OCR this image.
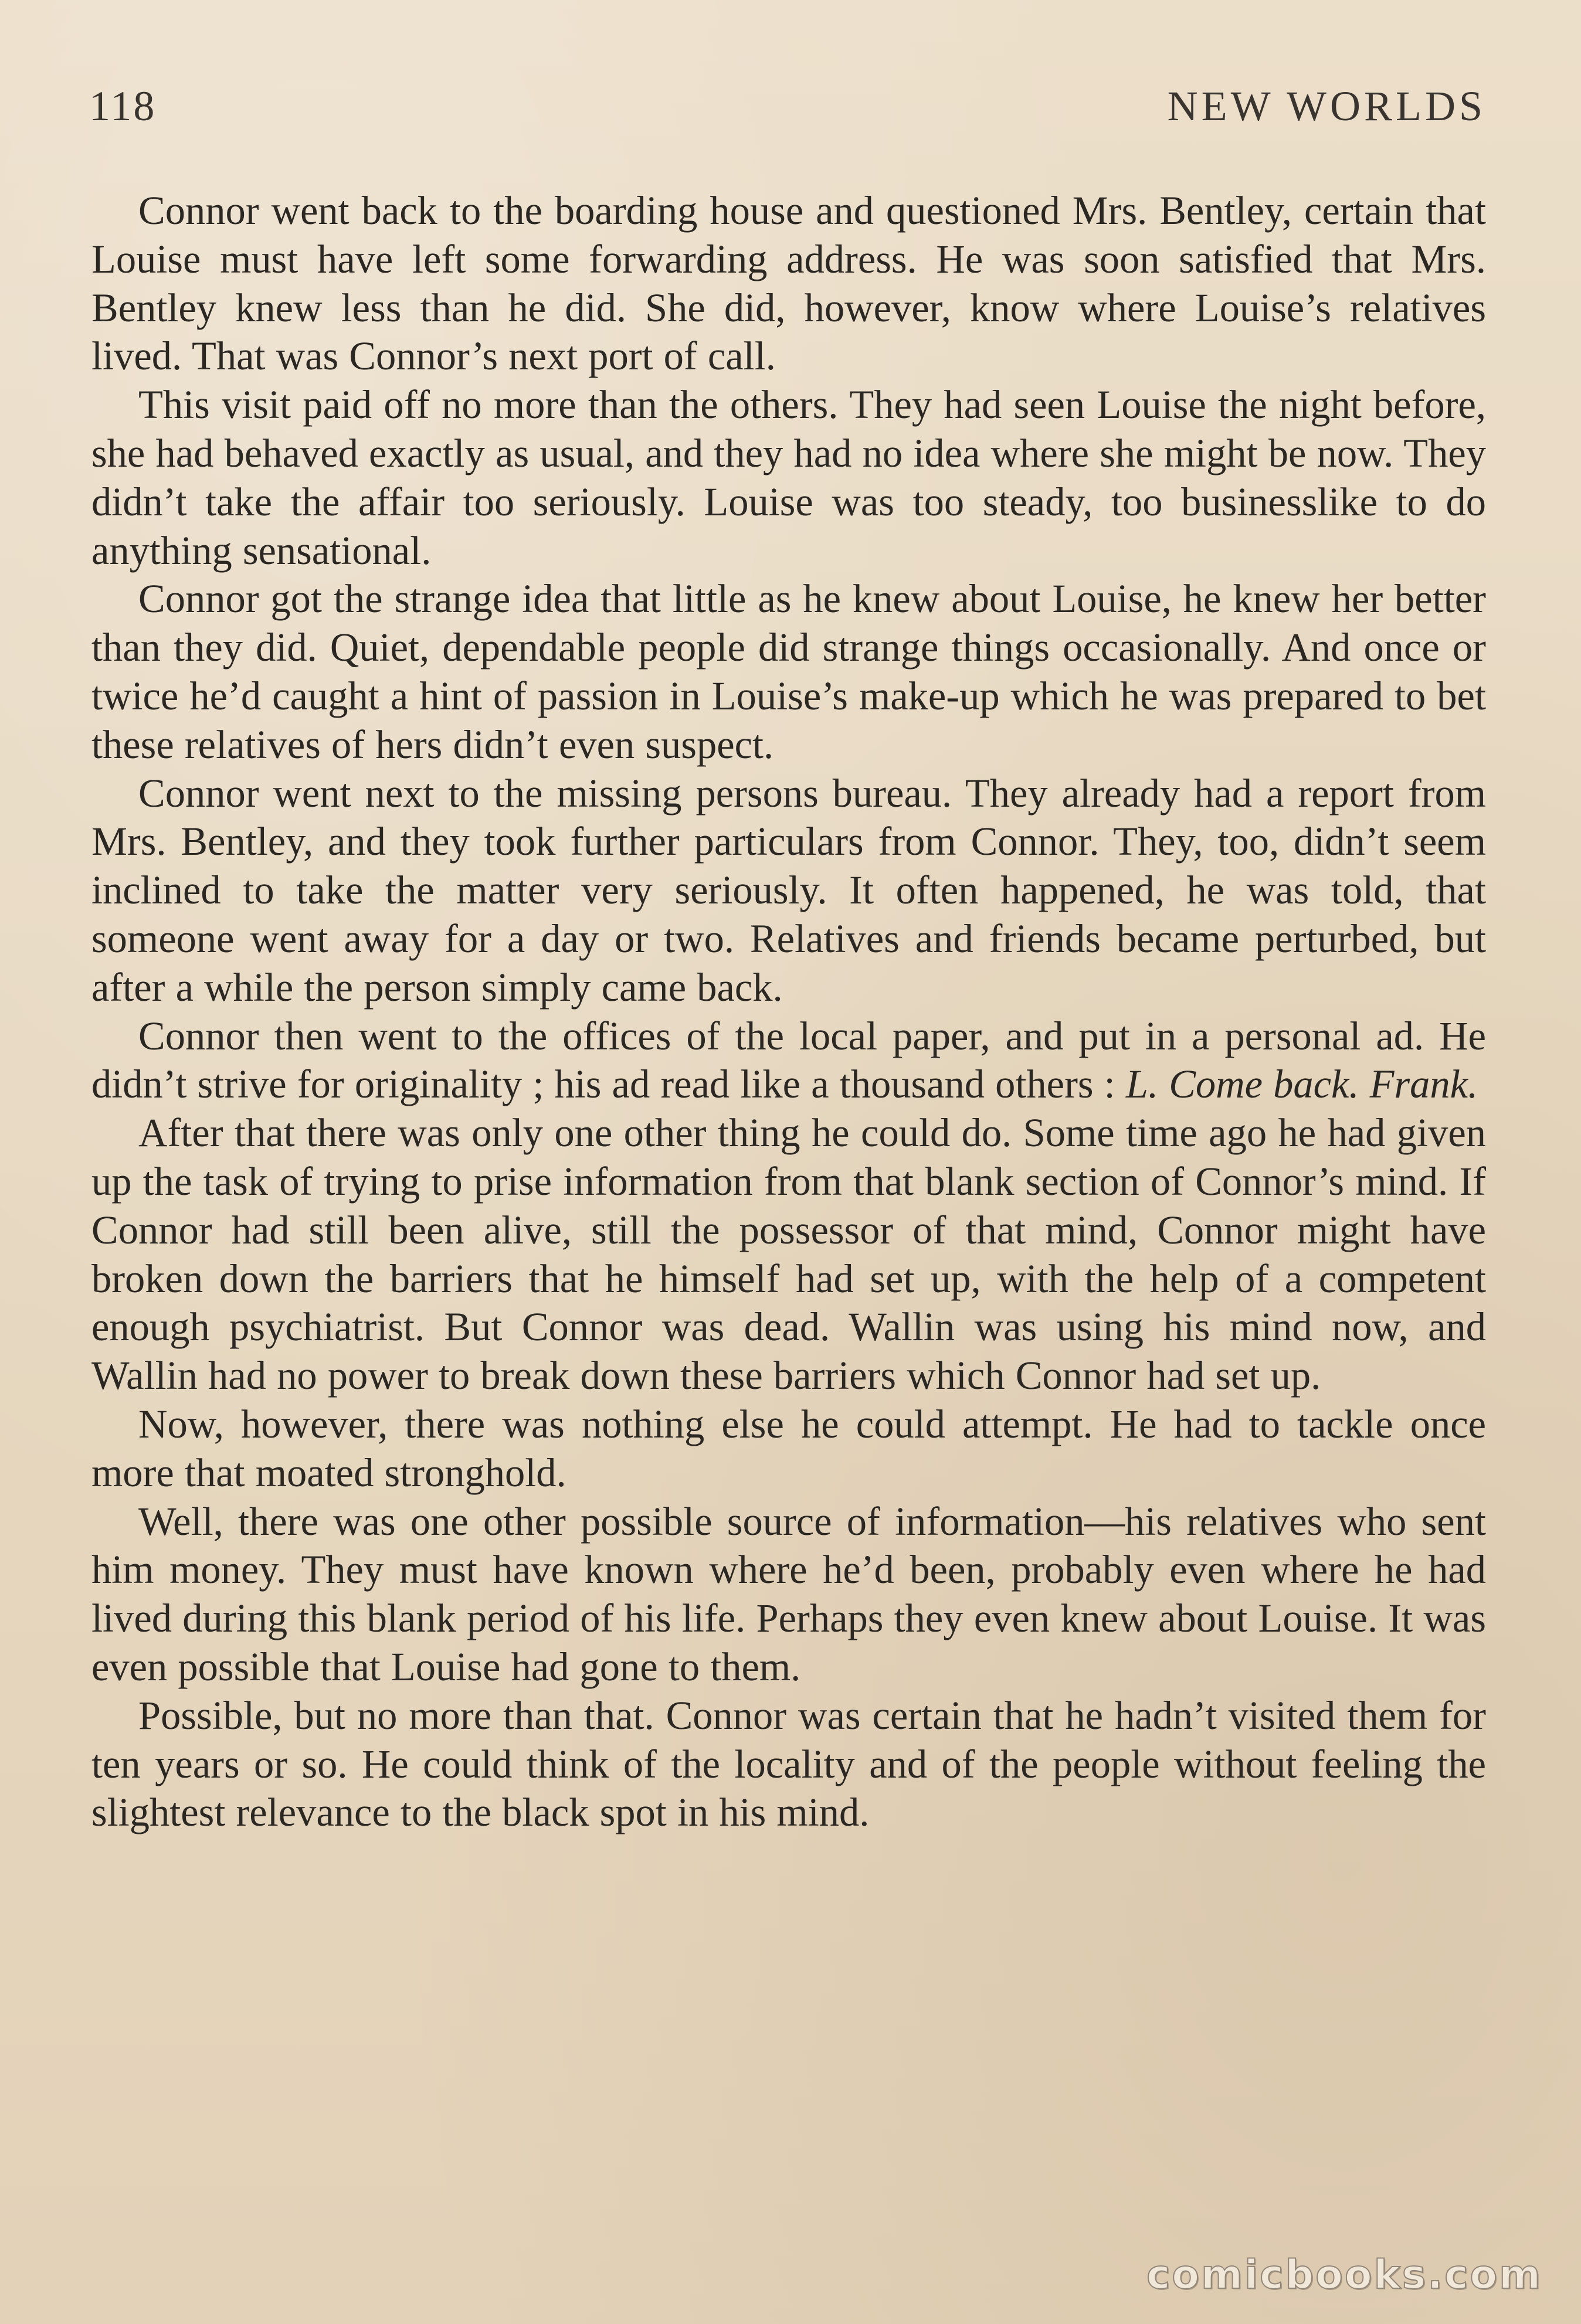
118	NEW WORLDS

Connor went back to the boarding house and questioned Mrs. Bentley, certain that Louise must have left some forwarding address. He was soon satisfied that Mrs. Bentley knew less than he did. She did, however, know where Louise’s relatives lived. That was Connor’s next port of call.

This visit paid off no more than the others. They had seen Louise the night before, she had behaved exactly as usual, and they had no idea where she might be now. They didn’t take the affair too seriously. Louise was too steady, too businesslike to do anything sensational.

Connor got the strange idea that little as he knew about Louise, he knew her better than they did. Quiet, dependable people did strange things occasionally. And once or twice he’d caught a hint of passion in Louise’s make-up which he was prepared to bet these relatives of hers didn’t even suspect.

Connor went next to the missing persons bureau. They already had a report from Mrs. Bentley, and they took further particulars from Connor. They, too, didn’t seem inclined to take the matter very seriously. It often happened, he was told, that someone went away for a day or two. Relatives and friends became perturbed, but after a while the person simply came back.

Connor then went to the offices of the local paper, and put in a personal ad. He didn’t strive for originality ; his ad read like a thousand others : L. Come back. Frank.

After that there was only one other thing he could do. Some time ago he had given up the task of trying to prise information from that blank section of Connor’s mind. If Connor had still been alive, still the possessor of that mind, Connor might have broken down the barriers that he himself had set up, with the help of a competent enough psychiatrist. But Connor was dead. Wallin was using his mind now, and Wallin had no power to break down these barriers which Connor had set up.

Now, however, there was nothing else he could attempt. He had to tackle once more that moated stronghold.

Well, there was one other possible source of information—his relatives who sent him money. They must have known where he’d been, probably even where he had lived during this blank period of his life. Perhaps they even knew about Louise. It was even possible that Louise had gone to them.

Possible, but no more than that. Connor was certain that he hadn’t visited them for ten years or so. He could think of the locality and of the people without feeling the slightest relevance to the black spot in his mind.

comicbooks.com
